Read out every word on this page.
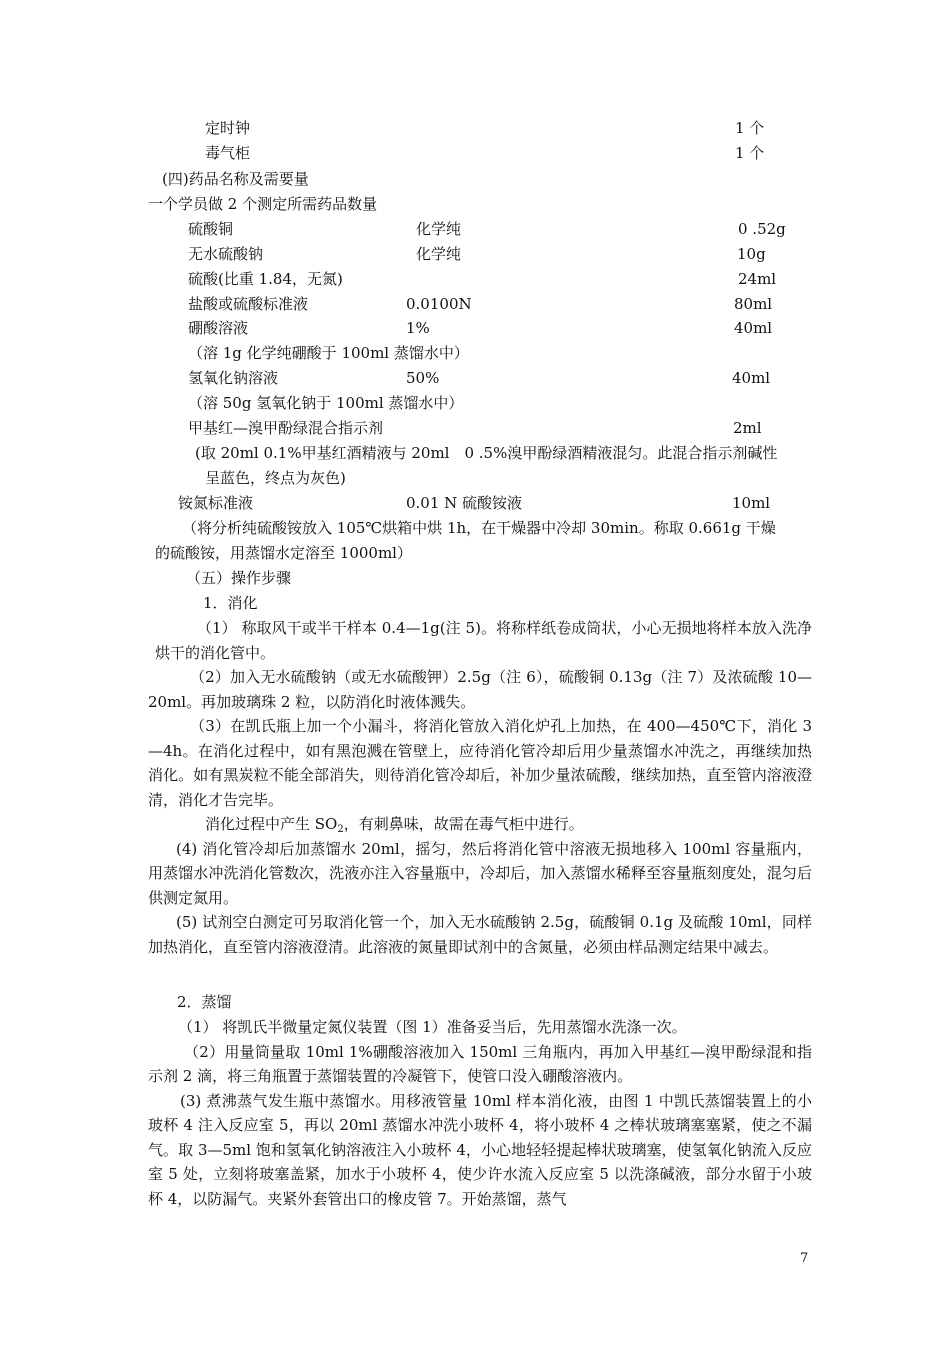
定时钟	1 个
毒气柜	1 个
(四)药品名称及需要量
一个学员做 2 个测定所需药品数量
硫酸铜	化学纯	0 .52g
无水硫酸钠	化学纯	10g
硫酸(比重 1.84，无氮)	24ml
盐酸或硫酸标准液	0.0100N	80ml
硼酸溶液	1%	40ml
（溶 1g 化学纯硼酸于 100ml 蒸馏水中）
氢氧化钠溶液	50%	40ml
（溶 50g 氢氧化钠于 100ml 蒸馏水中）
甲基红—溴甲酚绿混合指示剂	2ml
(取 20ml 0.1%甲基红酒精液与 20ml　0 .5%溴甲酚绿酒精液混匀。此混合指示剂碱性
呈蓝色，终点为灰色)
铵氮标准液	0.01 N 硫酸铵液	10ml
（将分析纯硫酸铵放入 105℃烘箱中烘 1h，在干燥器中冷却 30min。称取 0.661g 干燥
的硫酸铵，用蒸馏水定溶至 1000ml）
（五）操作步骤
1．消化

（1） 称取风干或半干样本 0.4—1g(注 5)。将称样纸卷成筒状，小心无损地将样本放入洗净烘干的消化管中。

（2）加入无水硫酸钠（或无水硫酸钾）2.5g（注 6），硫酸铜 0.13g（注 7）及浓硫酸 10—20ml。再加玻璃珠 2 粒，以防消化时液体溅失。

（3）在凯氏瓶上加一个小漏斗，将消化管放入消化炉孔上加热，在 400—450℃下，消化 3—4h。在消化过程中，如有黑泡溅在管壁上，应待消化管冷却后用少量蒸馏水冲洗之，再继续加热消化。如有黑炭粒不能全部消失，则待消化管冷却后，补加少量浓硫酸，继续加热，直至管内溶液澄清，消化才告完毕。

消化过程中产生 $SO_2$，有刺鼻味，故需在毒气柜中进行。

(4) 消化管冷却后加蒸馏水 20ml，摇匀，然后将消化管中溶液无损地移入 100ml 容量瓶内，用蒸馏水冲洗消化管数次，洗液亦注入容量瓶中，冷却后，加入蒸馏水稀释至容量瓶刻度处，混匀后供测定氮用。

(5) 试剂空白测定可另取消化管一个，加入无水硫酸钠 2.5g，硫酸铜 0.1g 及硫酸 10ml，同样加热消化，直至管内溶液澄清。此溶液的氮量即试剂中的含氮量，必须由样品测定结果中减去。

2．蒸馏

（1） 将凯氏半微量定氮仪装置（图 1）准备妥当后，先用蒸馏水洗涤一次。

（2）用量筒量取 10ml 1%硼酸溶液加入 150ml 三角瓶内，再加入甲基红—溴甲酚绿混和指示剂 2 滴，将三角瓶置于蒸馏装置的冷凝管下，使管口没入硼酸溶液内。

(3) 煮沸蒸气发生瓶中蒸馏水。用移液管量 10ml 样本消化液，由图 1 中凯氏蒸馏装置上的小玻杯 4 注入反应室 5，再以 20ml 蒸馏水冲洗小玻杯 4，将小玻杯 4 之棒状玻璃塞塞紧，使之不漏气。取 3—5ml 饱和氢氧化钠溶液注入小玻杯 4，小心地轻轻提起棒状玻璃塞，使氢氧化钠流入反应室 5 处，立刻将玻塞盖紧，加水于小玻杯 4，使少许水流入反应室 5 以洗涤碱液，部分水留于小玻杯 4，以防漏气。夹紧外套管出口的橡皮管 7。开始蒸馏，蒸气

7
